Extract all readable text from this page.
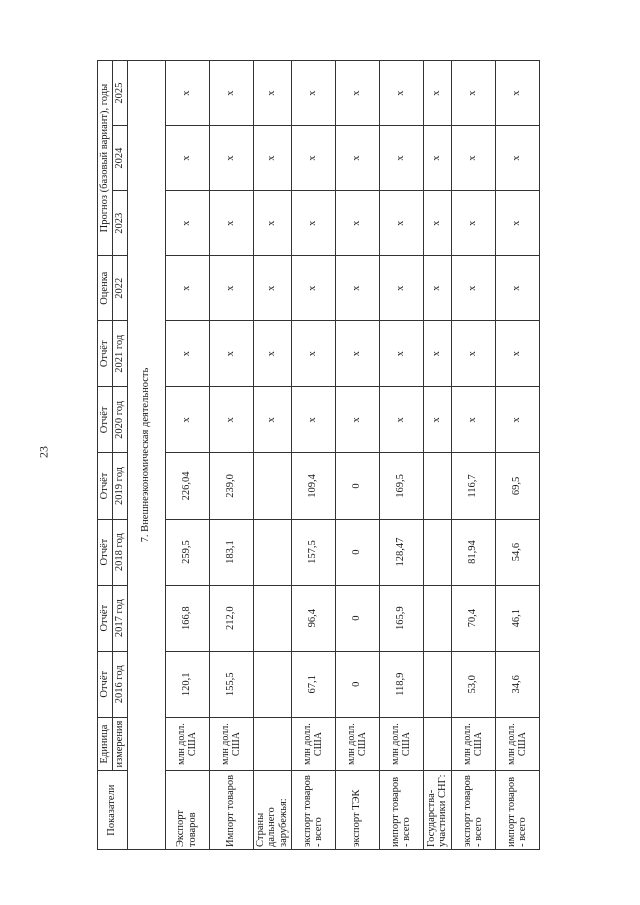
23
Показатели	Единица	Отчёт	Отчёт	Отчёт	Отчёт	Отчёт	Отчёт	Оценка	Прогноз (базовый вариант), годы		
	измерения	2016 год	2017 год	2018 год	2019 год	2020 год	2021 год	2022	2023	2024	2025
7. Внешнеэкономическая деятельность											
Экспорт товаров	млн долл. США	120,1	166,8	259,5	226,04	x	x	x	x	x	x
Импорт товаров	млн долл. США	155,5	212,0	183,1	239,0	x	x	x	x	x	x
Страны дальнего зарубежья:						x	x	x	x	x	x
экспорт товаров - всего	млн долл. США	67,1	96,4	157,5	109,4	x	x	x	x	x	x
экспорт ТЭК	млн долл. США	0	0	0	0	x	x	x	x	x	x
импорт товаров - всего	млн долл. США	118,9	165,9	128,47	169,5	x	x	x	x	x	x
Государства-участники СНГ:						x	x	x	x	x	x
экспорт товаров - всего	млн долл. США	53,0	70,4	81,94	116,7	x	x	x	x	x	x
импорт товаров - всего	млн долл. США	34,6	46,1	54,6	69,5	x	x	x	x	x	x
